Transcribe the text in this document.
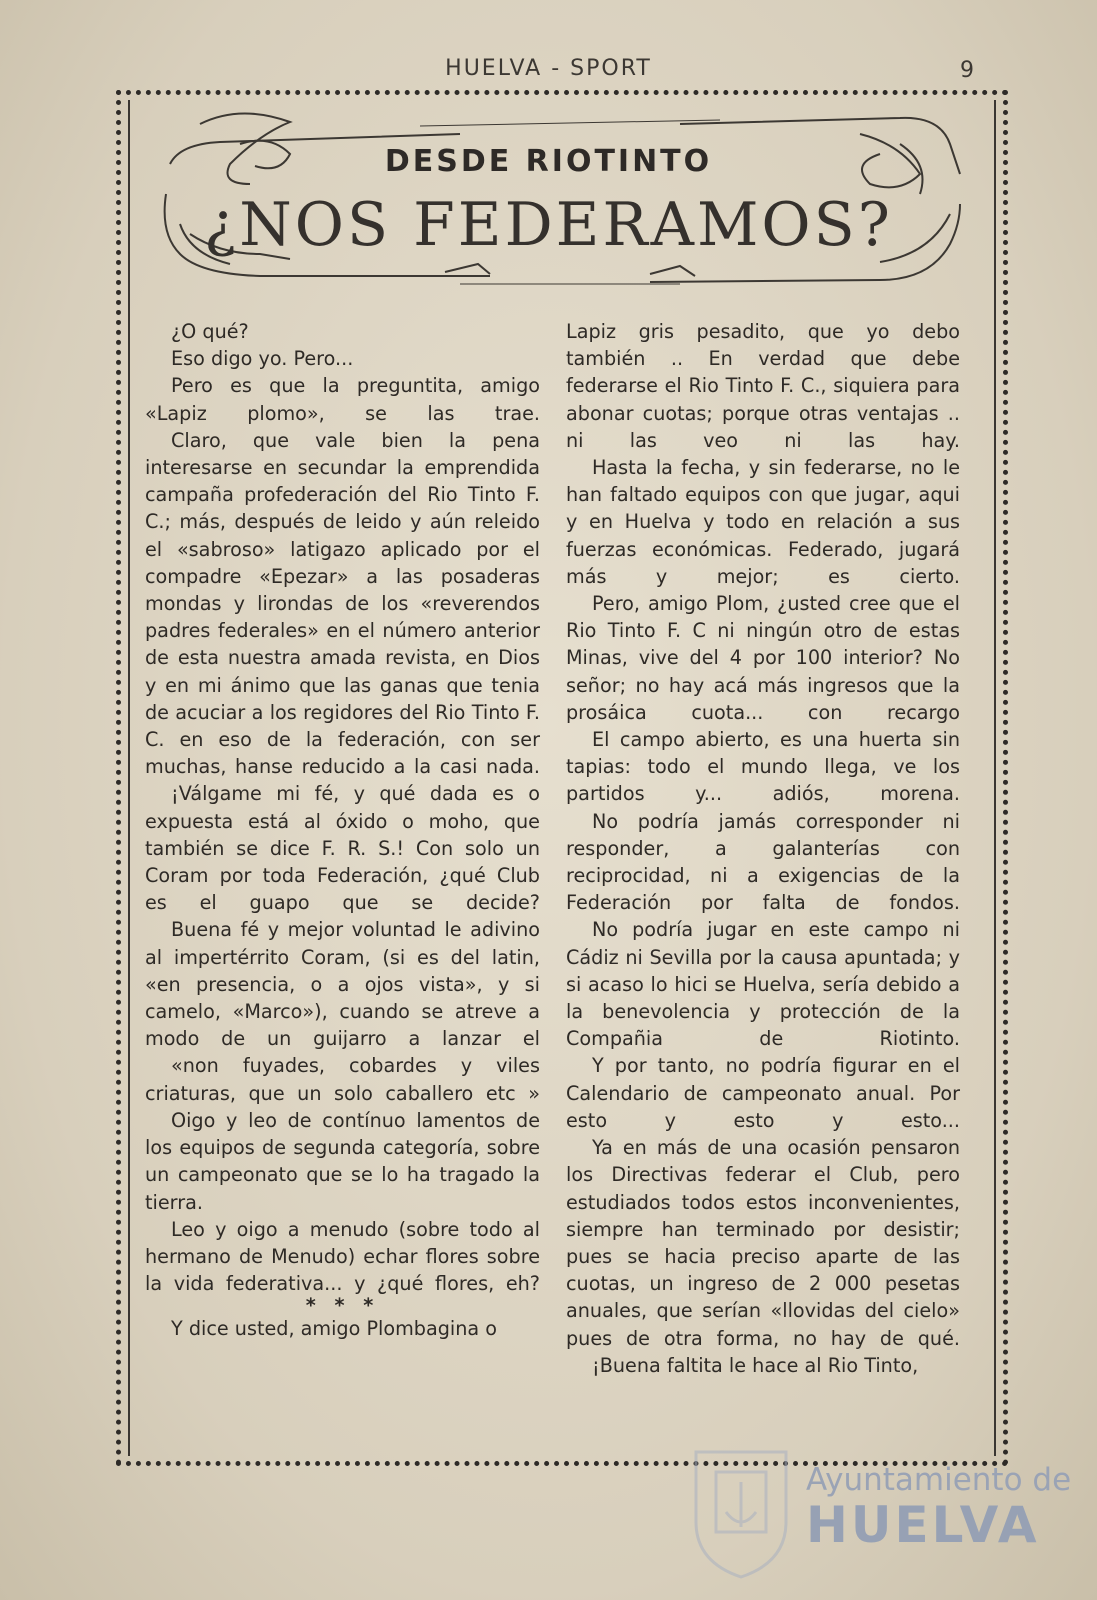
HUELVA - SPORT	9
DESDE RIOTINTO
¿NOS FEDERAMOS?

¿O qué?

Eso digo yo. Pero...

Pero es que la preguntita, amigo «Lapiz plomo», se las trae.

Claro, que vale bien la pena interesarse en secundar la emprendida campaña profederación del Rio Tinto F. C.; más, después de leido y aún releido el «sabroso» latigazo aplicado por el compadre «Epezar» a las posaderas mondas y lirondas de los «reverendos padres federales» en el número anterior de esta nuestra amada revista, en Dios y en mi ánimo que las ganas que tenia de acuciar a los regidores del Rio Tinto F. C. en eso de la federación, con ser muchas, hanse reducido a la casi nada.

¡Válgame mi fé, y qué dada es o expuesta está al óxido o moho, que también se dice F. R. S.! Con solo un Coram por toda Federación, ¿qué Club es el guapo que se decide?

Buena fé y mejor voluntad le adivino al impertérrito Coram, (si es del latin, «en presencia, o a ojos vista», y si camelo, «Marco»), cuando se atreve a modo de un guijarro a lanzar el

«non fuyades, cobardes y viles criaturas, que un solo caballero etc »

Oigo y leo de contínuo lamentos de los equipos de segunda categoría, sobre un campeonato que se lo ha tragado la tierra.

Leo y oigo a menudo (sobre todo al hermano de Menudo) echar flores sobre la vida federativa... y ¿qué flores, eh?

* * *

Y dice usted, amigo Plombagina o

Lapiz gris pesadito, que yo debo también .. En verdad que debe federarse el Rio Tinto F. C., siquiera para abonar cuotas; porque otras ventajas .. ni las veo ni las hay.

Hasta la fecha, y sin federarse, no le han faltado equipos con que jugar, aqui y en Huelva y todo en relación a sus fuerzas económicas. Federado, jugará más y mejor; es cierto.

Pero, amigo Plom, ¿usted cree que el Rio Tinto F. C ni ningún otro de estas Minas, vive del 4 por 100 interior? No señor; no hay acá más ingresos que la prosáica cuota... con recargo

El campo abierto, es una huerta sin tapias: todo el mundo llega, ve los partidos y... adiós, morena.

No podría jamás corresponder ni responder, a galanterías con reciprocidad, ni a exigencias de la Federación por falta de fondos.

No podría jugar en este campo ni Cádiz ni Sevilla por la causa apuntada; y si acaso lo hici se Huelva, sería debido a la benevolencia y protección de la Compañia de Riotinto.

Y por tanto, no podría figurar en el Calendario de campeonato anual. Por esto y esto y esto...

Ya en más de una ocasión pensaron los Directivas federar el Club, pero estudiados todos estos inconvenientes, siempre han terminado por desistir; pues se hacia preciso aparte de las cuotas, un ingreso de 2 000 pesetas anuales, que serían «llovidas del cielo» pues de otra forma, no hay de qué.

¡Buena faltita le hace al Rio Tinto,

Ayuntamiento de
HUELVA
